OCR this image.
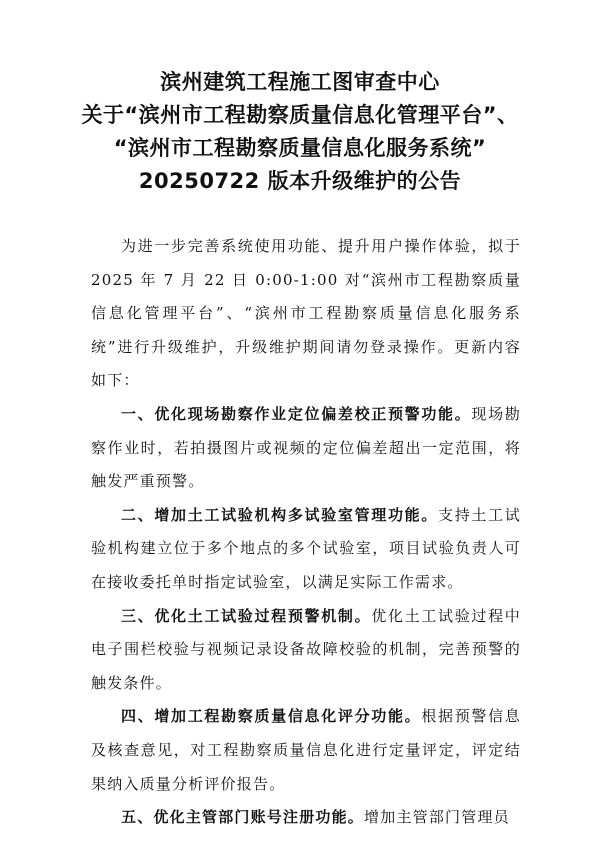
滨州建筑工程施工图审查中心
关于“滨州市工程勘察质量信息化管理平台”、
“滨州市工程勘察质量信息化服务系统”
20250722 版本升级维护的公告

为进一步完善系统使用功能、提升用户操作体验，拟于2025 年 7 月 22 日 0:00-1:00 对“滨州市工程勘察质量信息化管理平台”、“滨州市工程勘察质量信息化服务系统”进行升级维护，升级维护期间请勿登录操作。更新内容如下：

一、优化现场勘察作业定位偏差校正预警功能。现场勘察作业时，若拍摄图片或视频的定位偏差超出一定范围，将触发严重预警。

二、增加土工试验机构多试验室管理功能。支持土工试验机构建立位于多个地点的多个试验室，项目试验负责人可在接收委托单时指定试验室，以满足实际工作需求。

三、优化土工试验过程预警机制。优化土工试验过程中电子围栏校验与视频记录设备故障校验的机制，完善预警的触发条件。

四、增加工程勘察质量信息化评分功能。根据预警信息及核查意见，对工程勘察质量信息化进行定量评定，评定结果纳入质量分析评价报告。

五、优化主管部门账号注册功能。增加主管部门管理员
